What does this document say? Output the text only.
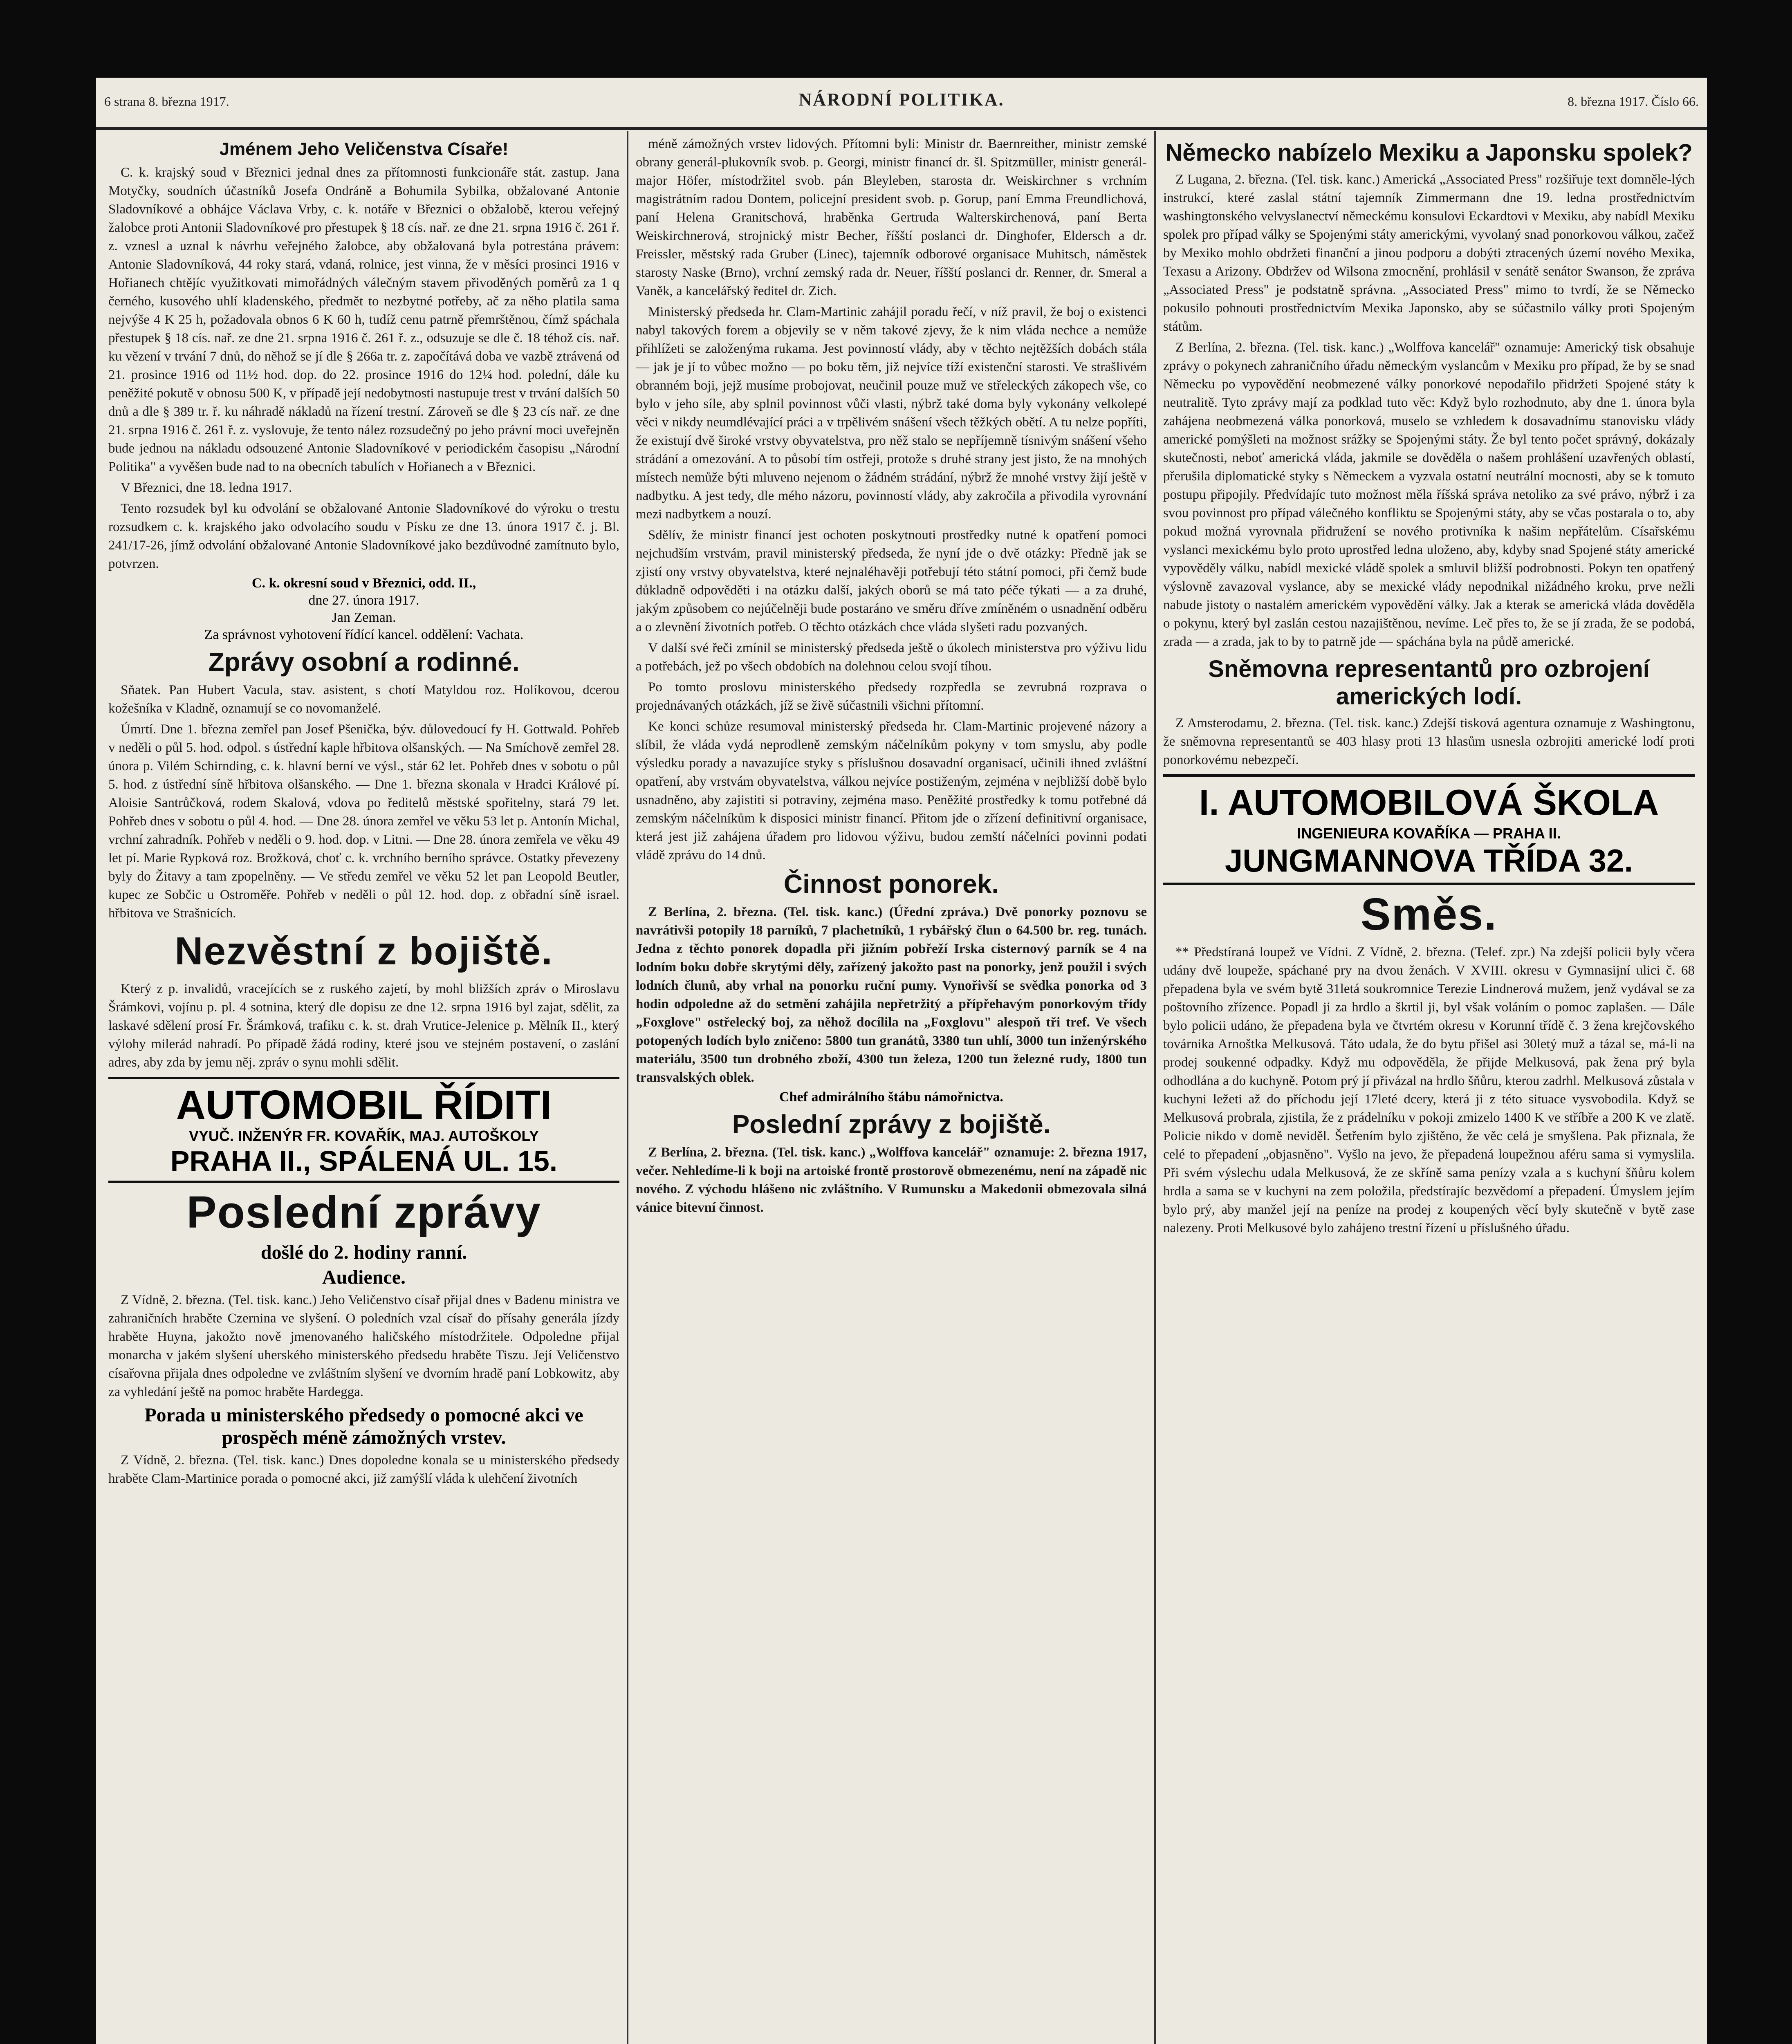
6 strana 8. března 1917.	NÁRODNÍ POLITIKA.	8. března 1917. Číslo 66.
Jménem Jeho Veličenstva Císaře!

C. k. krajský soud v Březnici jednal dnes za přítomnosti funkcionáře stát. zastup. Jana Motyčky, soudních účastníků Josefa Ondráně a Bohumila Sybilka, obžalované Antonie Sladovníkové a obhájce Václava Vrby, c. k. notáře v Březnici o obžalobě, kterou veřejný žalobce proti Antonii Sladovníkové pro přestupek § 18 cís. nař. ze dne 21. srpna 1916 č. 261 ř. z. vznesl a uznal k návrhu veřejného žalobce, aby obžalovaná byla potrestána právem: Antonie Sladovníková, 44 roky stará, vdaná, rolnice, jest vinna, že v měsíci prosinci 1916 v Hořianech chtějíc využitkovati mimořádných válečným stavem přivoděných poměrů za 1 q černého, kusového uhlí kladenského, předmět to nezbytné potřeby, ač za něho platila sama nejvýše 4 K 25 h, požadovala obnos 6 K 60 h, tudíž cenu patrně přemrštěnou, čímž spáchala přestupek § 18 cís. nař. ze dne 21. srpna 1916 č. 261 ř. z., odsuzuje se dle č. 18 téhož cís. nař. ku vězení v trvání 7 dnů, do něhož se jí dle § 266a tr. z. započítává doba ve vazbě ztrávená od 21. prosince 1916 od 11½ hod. dop. do 22. prosince 1916 do 12¼ hod. polední, dále ku peněžité pokutě v obnosu 500 K, v případě její nedobytnosti nastupuje trest v trvání dalších 50 dnů a dle § 389 tr. ř. ku náhradě nákladů na řízení trestní. Zároveň se dle § 23 cís nař. ze dne 21. srpna 1916 č. 261 ř. z. vyslovuje, že tento nález rozsudečný po jeho právní moci uveřejněn bude jednou na nákladu odsouzené Antonie Sladovníkové v periodickém časopisu „Národní Politika" a vyvěšen bude nad to na obecních tabulích v Hořianech a v Březnici.

V Březnici, dne 18. ledna 1917.

Tento rozsudek byl ku odvolání se obžalované Antonie Sladovníkové do výroku o trestu rozsudkem c. k. krajského jako odvolacího soudu v Písku ze dne 13. února 1917 č. j. Bl. 241/17-26, jímž odvolání obžalované Antonie Sladovníkové jako bezdůvodné zamítnuto bylo, potvrzen.

C. k. okresní soud v Březnici, odd. II.,
dne 27. února 1917.
Jan Zeman.
Za správnost vyhotovení řídící kancel. oddělení: Vachata.
Zprávy osobní a rodinné.

Sňatek. Pan Hubert Vacula, stav. asistent, s chotí Matyldou roz. Holíkovou, dcerou kožešníka v Kladně, oznamují se co novomanželé.

Úmrtí. Dne 1. března zemřel pan Josef Pšenička, býv. důlovedoucí fy H. Gottwald. Pohřeb v neděli o půl 5. hod. odpol. s ústřední kaple hřbitova olšanských. — Na Smíchově zemřel 28. února p. Vilém Schirnding, c. k. hlavní berní ve výsl., stár 62 let. Pohřeb dnes v sobotu o půl 5. hod. z ústřední síně hřbitova olšanského. — Dne 1. března skonala v Hradci Králové pí. Aloisie Santrůčková, rodem Skalová, vdova po ředitelů městské spořitelny, stará 79 let. Pohřeb dnes v sobotu o půl 4. hod. — Dne 28. února zemřel ve věku 53 let p. Antonín Michal, vrchní zahradník. Pohřeb v neděli o 9. hod. dop. v Litni. — Dne 28. února zemřela ve věku 49 let pí. Marie Rypková roz. Brožková, choť c. k. vrchního berního správce. Ostatky převezeny byly do Žitavy a tam zpopelněny. — Ve středu zemřel ve věku 52 let pan Leopold Beutler, kupec ze Sobčic u Ostroměře. Pohřeb v neděli o půl 12. hod. dop. z obřadní síně israel. hřbitova ve Strašnicích.

Nezvěstní z bojiště.

Který z p. invalidů, vracejících se z ruského zajetí, by mohl bližších zpráv o Miroslavu Šrámkovi, vojínu p. pl. 4 sotnina, který dle dopisu ze dne 12. srpna 1916 byl zajat, sdělit, za laskavé sdělení prosí Fr. Šrámková, trafiku c. k. st. drah Vrutice-Jelenice p. Mělník II., který výlohy milerád nahradí. Po případě žádá rodiny, které jsou ve stejném postavení, o zaslání adres, aby zda by jemu něj. zpráv o synu mohli sdělit.

AUTOMOBIL ŘÍDITI
VYUČ. INŽENÝR FR. KOVAŘÍK, MAJ. AUTOŠKOLY
PRAHA II., SPÁLENÁ UL. 15.
Poslední zprávy
došlé do 2. hodiny ranní.
Audience.

Z Vídně, 2. března. (Tel. tisk. kanc.) Jeho Veličenstvo císař přijal dnes v Badenu ministra ve zahraničních hraběte Czernina ve slyšení. O poledních vzal císař do přísahy generála jízdy hraběte Huyna, jakožto nově jmenovaného haličského místodržitele. Odpoledne přijal monarcha v jakém slyšení uherského ministerského předsedu hraběte Tiszu. Její Veličenstvo císařovna přijala dnes odpoledne ve zvláštním slyšení ve dvorním hradě paní Lobkowitz, aby za vyhledání ještě na pomoc hraběte Hardegga.

Porada u ministerského předsedy o pomocné akci ve prospěch méně zámožných vrstev.

Z Vídně, 2. března. (Tel. tisk. kanc.) Dnes dopoledne konala se u ministerského předsedy hraběte Clam-Martinice porada o pomocné akci, již zamýšlí vláda k ulehčení životních

méně zámožných vrstev lidových. Přítomni byli: Ministr dr. Baernreither, ministr zemské obrany generál-plukovník svob. p. Georgi, ministr financí dr. šl. Spitzmüller, ministr generál-major Höfer, místodržitel svob. pán Bleyleben, starosta dr. Weiskirchner s vrchním magistrátním radou Dontem, policejní president svob. p. Gorup, paní Emma Freundlichová, paní Helena Granitschová, hraběnka Gertruda Walterskirchenová, paní Berta Weiskirchnerová, strojnický mistr Becher, říšští poslanci dr. Dinghofer, Eldersch a dr. Freissler, městský rada Gruber (Linec), tajemník odborové organisace Muhitsch, náměstek starosty Naske (Brno), vrchní zemský rada dr. Neuer, říšští poslanci dr. Renner, dr. Smeral a Vaněk, a kancelářský ředitel dr. Zich.

Ministerský předseda hr. Clam-Martinic zahájil poradu řečí, v níž pravil, že boj o existenci nabyl takových forem a objevily se v něm takové zjevy, že k nim vláda nechce a nemůže přihlížeti se založenýma rukama. Jest povinností vlády, aby v těchto nejtěžších dobách stála — jak je jí to vůbec možno — po boku těm, již nejvíce tíží existenční starosti. Ve strašlivém obranném boji, jejž musíme probojovat, neučinil pouze muž ve střeleckých zákopech vše, co bylo v jeho síle, aby splnil povinnost vůči vlasti, nýbrž také doma byly vykonány velkolepé věci v nikdy neumdlévající práci a v trpělivém snášení všech těžkých obětí. A tu nelze popříti, že existují dvě široké vrstvy obyvatelstva, pro něž stalo se nepříjemně tísnivým snášení všeho strádání a omezování. A to působí tím ostřeji, protože s druhé strany jest jisto, že na mnohých místech nemůže býti mluveno nejenom o žádném strádání, nýbrž že mnohé vrstvy žijí ještě v nadbytku. A jest tedy, dle mého názoru, povinností vlády, aby zakročila a přivodila vyrovnání mezi nadbytkem a nouzí.

Sdělív, že ministr financí jest ochoten poskytnouti prostředky nutné k opatření pomoci nejchudším vrstvám, pravil ministerský předseda, že nyní jde o dvě otázky: Předně jak se zjistí ony vrstvy obyvatelstva, které nejnaléhavěji potřebují této státní pomoci, při čemž bude důkladně odpověděti i na otázku další, jakých oborů se má tato péče týkati — a za druhé, jakým způsobem co nejúčelněji bude postaráno ve směru dříve zmíněném o usnadnění odběru a o zlevnění životních potřeb. O těchto otázkách chce vláda slyšeti radu pozvaných.

V další své řeči zmínil se ministerský předseda ještě o úkolech ministerstva pro výživu lidu a potřebách, jež po všech obdobích na dolehnou celou svojí tíhou.

Po tomto proslovu ministerského předsedy rozpředla se zevrubná rozprava o projednávaných otázkách, jíž se živě súčastnili všichni přítomní.

Ke konci schůze resumoval ministerský předseda hr. Clam-Martinic projevené názory a slíbil, že vláda vydá neprodleně zemským náčelníkům pokyny v tom smyslu, aby podle výsledku porady a navazujíce styky s příslušnou dosavadní organisací, učinili ihned zvláštní opatření, aby vrstvám obyvatelstva, válkou nejvíce postiženým, zejména v nejbližší době bylo usnadněno, aby zajistiti si potraviny, zejména maso. Peněžité prostředky k tomu potřebné dá zemským náčelníkům k disposici ministr financí. Přitom jde o zřízení definitivní organisace, která jest již zahájena úřadem pro lidovou výživu, budou zemští náčelníci povinni podati vládě zprávu do 14 dnů.

Činnost ponorek.

Z Berlína, 2. března. (Tel. tisk. kanc.) (Úřední zpráva.) Dvě ponorky poznovu se navrátivši potopily 18 parníků, 7 plachetníků, 1 rybářský člun o 64.500 br. reg. tunách. Jedna z těchto ponorek dopadla při jižním pobřeží Irska cisternový parník se 4 na lodním boku dobře skrytými děly, zařízený jakožto past na ponorky, jenž použil i svých lodních člunů, aby vrhal na ponorku ruční pumy. Vynořivší se svědka ponorka od 3 hodin odpoledne až do setmění zahájila nepřetržitý a přípřehavým ponorkovým třídy „Foxglove" ostřelecký boj, za něhož docílila na „Foxglovu" alespoň tři tref. Ve všech potopených lodích bylo zničeno: 5800 tun granátů, 3380 tun uhlí, 3000 tun inženýrského materiálu, 3500 tun drobného zboží, 4300 tun železa, 1200 tun železné rudy, 1800 tun transvalských oblek.

Chef admirálního štábu námořnictva.
Poslední zprávy z bojiště.

Z Berlína, 2. března. (Tel. tisk. kanc.) „Wolffova kancelář" oznamuje: 2. března 1917, večer. Nehledíme-li k boji na artoiské frontě prostorově obmezenému, není na západě nic nového. Z východu hlášeno nic zvláštního. V Rumunsku a Makedonii obmezovala silná vánice bitevní činnost.

Německo nabízelo Mexiku a Japonsku spolek?

Z Lugana, 2. března. (Tel. tisk. kanc.) Americká „Associated Press" rozšiřuje text domněle-lých instrukcí, které zaslal státní tajemník Zimmermann dne 19. ledna prostřednictvím washingtonského velvyslanectví německému konsulovi Eckardtovi v Mexiku, aby nabídl Mexiku spolek pro případ války se Spojenými státy americkými, vyvolaný snad ponorkovou válkou, začež by Mexiko mohlo obdržeti finanční a jinou podporu a dobýti ztracených území nového Mexika, Texasu a Arizony. Obdržev od Wilsona zmocnění, prohlásil v senátě senátor Swanson, že zpráva „Associated Press" je podstatně správna. „Associated Press" mimo to tvrdí, že se Německo pokusilo pohnouti prostřednictvím Mexika Japonsko, aby se súčastnilo války proti Spojeným státům.

Z Berlína, 2. března. (Tel. tisk. kanc.) „Wolffova kancelář" oznamuje: Americký tisk obsahuje zprávy o pokynech zahraničního úřadu německým vyslancům v Mexiku pro případ, že by se snad Německu po vypovědění neobmezené války ponorkové nepodařilo přidržeti Spojené státy k neutralitě. Tyto zprávy mají za podklad tuto věc: Když bylo rozhodnuto, aby dne 1. února byla zahájena neobmezená válka ponorková, muselo se vzhledem k dosavadnímu stanovisku vlády americké pomýšleti na možnost srážky se Spojenými státy. Že byl tento počet správný, dokázaly skutečnosti, neboť americká vláda, jakmile se dověděla o našem prohlášení uzavřených oblastí, přerušila diplomatické styky s Německem a vyzvala ostatní neutrální mocnosti, aby se k tomuto postupu připojily. Předvídajíc tuto možnost měla říšská správa netoliko za své právo, nýbrž i za svou povinnost pro případ válečného konfliktu se Spojenými státy, aby se včas postarala o to, aby pokud možná vyrovnala přidružení se nového protivníka k našim nepřátelům. Císařskému vyslanci mexickému bylo proto uprostřed ledna uloženo, aby, kdyby snad Spojené státy americké vypověděly válku, nabídl mexické vládě spolek a smluvil bližší podrobnosti. Pokyn ten opatřený výslovně zavazoval vyslance, aby se mexické vlády nepodnikal nižádného kroku, prve nežli nabude jistoty o nastalém americkém vypovědění války. Jak a kterak se americká vláda dověděla o pokynu, který byl zaslán cestou nazajištěnou, nevíme. Leč přes to, že se jí zrada, že se podobá, zrada — a zrada, jak to by to patrně jde — spáchána byla na půdě americké.

Sněmovna representantů pro ozbrojení amerických lodí.

Z Amsterodamu, 2. března. (Tel. tisk. kanc.) Zdejší tisková agentura oznamuje z Washingtonu, že sněmovna representantů se 403 hlasy proti 13 hlasům usnesla ozbrojiti americké lodí proti ponorkovému nebezpečí.

I. AUTOMOBILOVÁ ŠKOLA
INGENIEURA KOVAŘÍKA — PRAHA II.
JUNGMANNOVA TŘÍDA 32.
Směs.

** Předstíraná loupež ve Vídni. Z Vídně, 2. března. (Telef. zpr.) Na zdejší policii byly včera udány dvě loupeže, spáchané pry na dvou ženách. V XVIII. okresu v Gymnasijní ulici č. 68 přepadena byla ve svém bytě 31letá soukromnice Terezie Lindnerová mužem, jenž vydával se za poštovního zřízence. Popadl ji za hrdlo a škrtil ji, byl však voláním o pomoc zaplašen. — Dále bylo policii udáno, že přepadena byla ve čtvrtém okresu v Korunní třídě č. 3 žena krejčovského továrnika Arnoštka Melkusová. Táto udala, že do bytu přišel asi 30letý muž a tázal se, má-li na prodej soukenné odpadky. Když mu odpověděla, že přijde Melkusová, pak žena prý byla odhodlána a do kuchyně. Potom prý jí přivázal na hrdlo šňůru, kterou zadrhl. Melkusová zůstala v kuchyni ležeti až do příchodu její 17leté dcery, která ji z této situace vysvobodila. Když se Melkusová probrala, zjistila, že z prádelníku v pokoji zmizelo 1400 K ve stříbře a 200 K ve zlatě. Policie nikdo v domě neviděl. Šetřením bylo zjištěno, že věc celá je smyšlena. Pak přiznala, že celé to přepadení „objasněno". Vyšlo na jevo, že přepadená loupežnou aféru sama si vymyslila. Při svém výslechu udala Melkusová, že ze skříně sama penízy vzala a s kuchyní šňůru kolem hrdla a sama se v kuchyni na zem položila, předstírajíc bezvědomí a přepadení. Úmyslem jejím bylo prý, aby manžel její na peníze na prodej z koupených věcí byly skutečně v bytě zase nalezeny. Proti Melkusové bylo zahájeno trestní řízení u příslušného úřadu.
